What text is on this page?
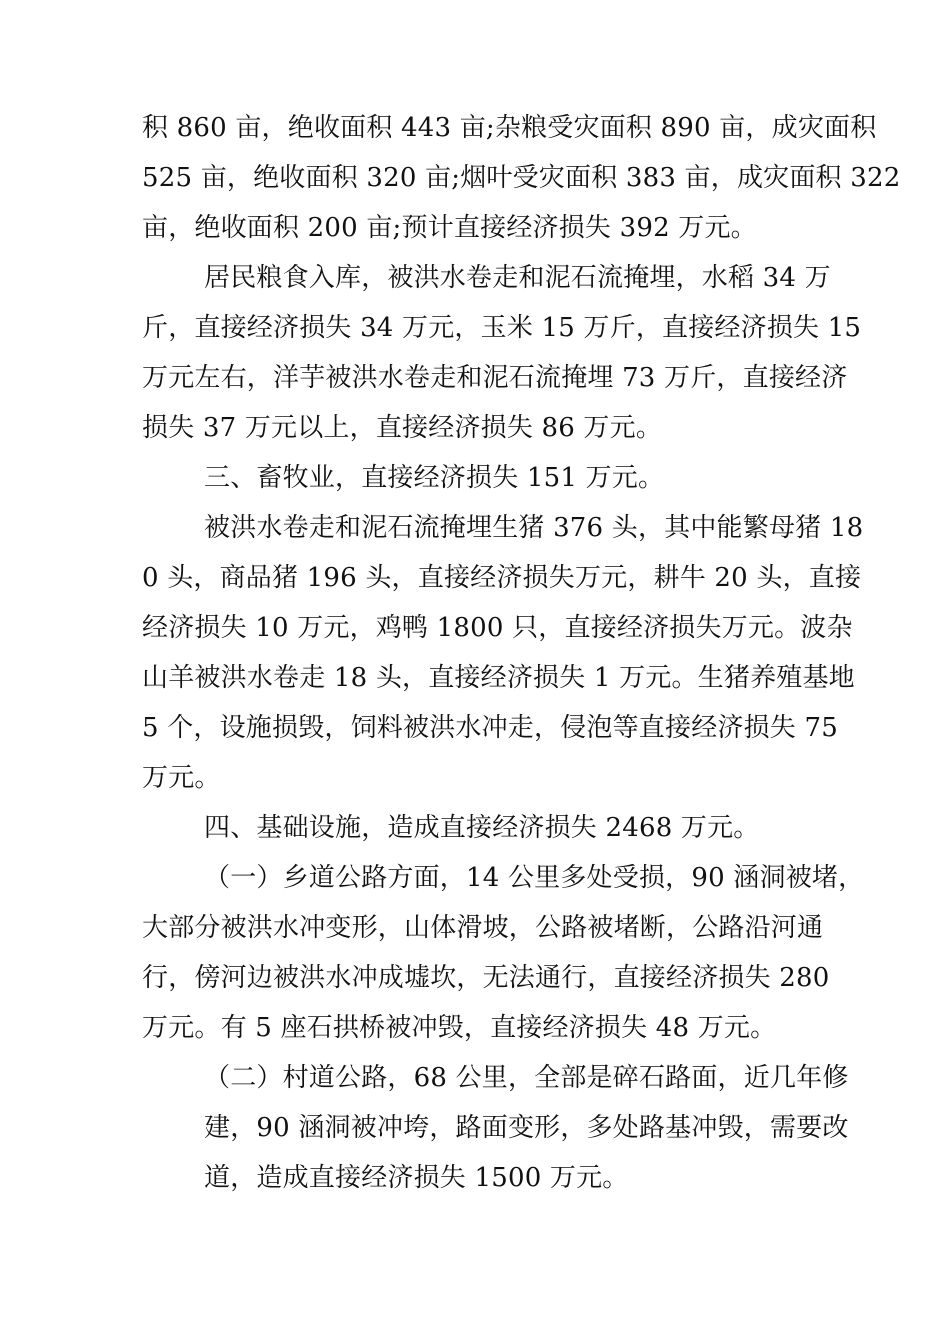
积 860 亩，绝收面积 443 亩;杂粮受灾面积 890 亩，成灾面积
525 亩，绝收面积 320 亩;烟叶受灾面积 383 亩，成灾面积 322
亩，绝收面积 200 亩;预计直接经济损失 392 万元。
居民粮食入库，被洪水卷走和泥石流掩埋，水稻 34 万
斤，直接经济损失 34 万元，玉米 15 万斤，直接经济损失 15
万元左右，洋芋被洪水卷走和泥石流掩埋 73 万斤，直接经济
损失 37 万元以上，直接经济损失 86 万元。
三、畜牧业，直接经济损失 151 万元。
被洪水卷走和泥石流掩埋生猪 376 头，其中能繁母猪 18
0 头，商品猪 196 头，直接经济损失万元，耕牛 20 头，直接
经济损失 10 万元，鸡鸭 1800 只，直接经济损失万元。波杂
山羊被洪水卷走 18 头，直接经济损失 1 万元。生猪养殖基地
5 个，设施损毁，饲料被洪水冲走，侵泡等直接经济损失 75
万元。
四、基础设施，造成直接经济损失 2468 万元。
（一）乡道公路方面，14 公里多处受损，90 涵洞被堵，
大部分被洪水冲变形，山体滑坡，公路被堵断，公路沿河通
行，傍河边被洪水冲成墟坎，无法通行，直接经济损失 280
万元。有 5 座石拱桥被冲毁，直接经济损失 48 万元。
（二）村道公路，68 公里，全部是碎石路面，近几年修
建，90 涵洞被冲垮，路面变形，多处路基冲毁，需要改
道，造成直接经济损失 1500 万元。
